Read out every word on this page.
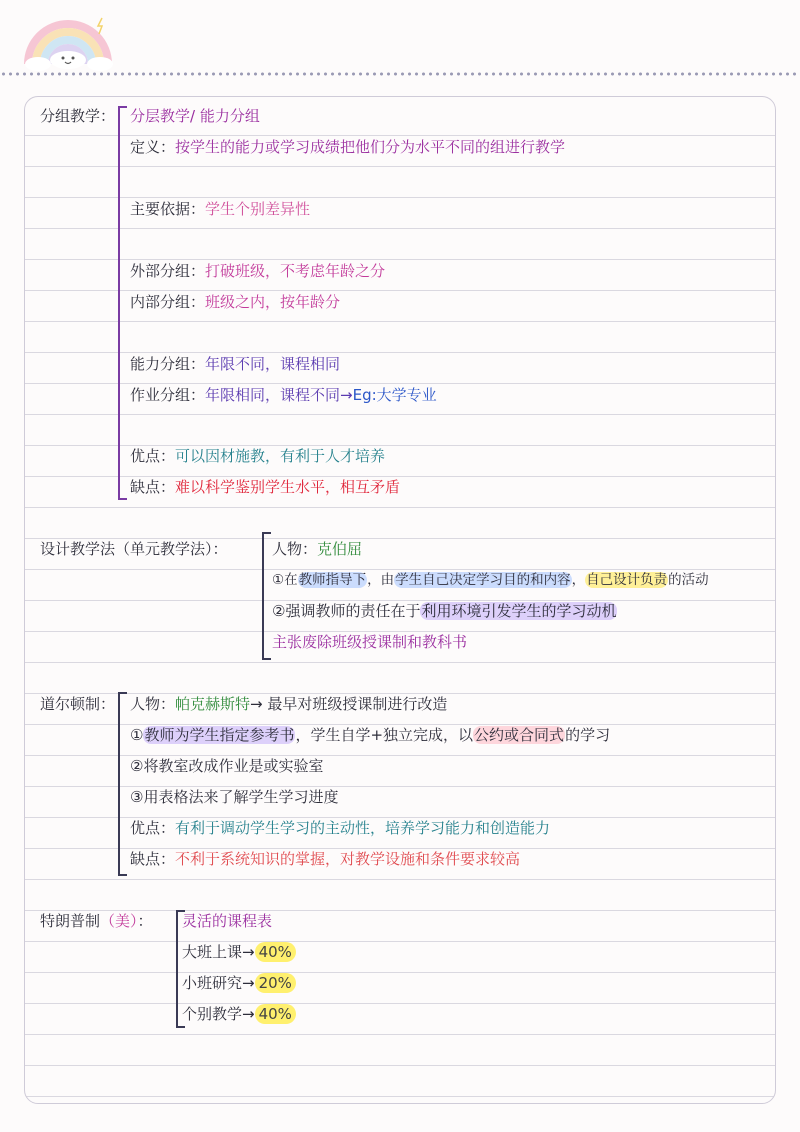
分组教学： 分层教学/ 能力分组
定义：按学生的能力或学习成绩把他们分为水平不同的组进行教学
主要依据：学生个别差异性
外部分组：打破班级，不考虑年龄之分
内部分组：班级之内，按年龄分
能力分组：年限不同，课程相同
作业分组：年限相同，课程不同→Eg:大学专业
优点：可以因材施教，有利于人才培养
缺点：难以科学鉴别学生水平，相互矛盾
设计教学法（单元教学法）：	人物：克伯屈
①在教师指导下，由学生自己决定学习目的和内容，自己设计负责的活动
②强调教师的责任在于利用环境引发学生的学习动机
主张废除班级授课制和教科书
道尔顿制： 人物：帕克赫斯特→ 最早对班级授课制进行改造
①教师为学生指定参考书，学生自学+独立完成，以公约或合同式的学习
②将教室改成作业是或实验室
③用表格法来了解学生学习进度
优点：有利于调动学生学习的主动性，培养学习能力和创造能力
缺点：不利于系统知识的掌握，对教学设施和条件要求较高
特朗普制（美）： 灵活的课程表
大班上课→ 40%
小班研究→ 20%
个别教学→ 40%
